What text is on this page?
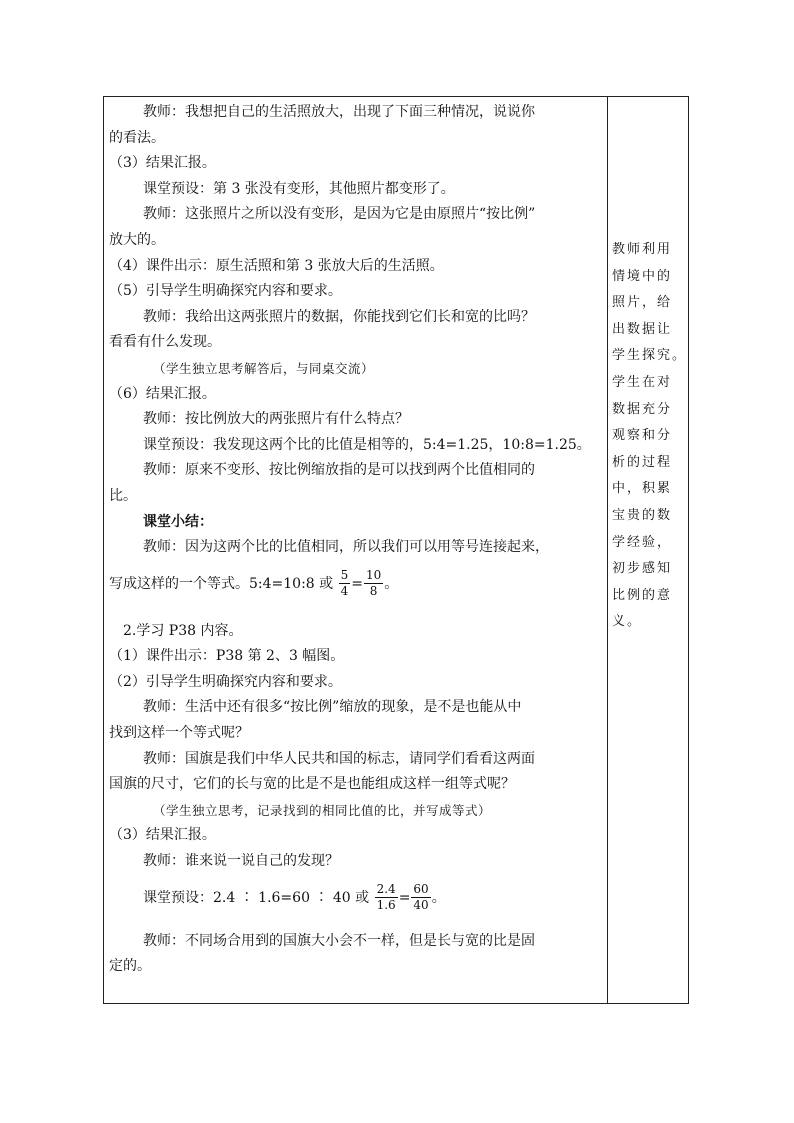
教师：我想把自己的生活照放大，出现了下面三种情况，说说你
的看法。
（3）结果汇报。
课堂预设：第 3 张没有变形，其他照片都变形了。
教师：这张照片之所以没有变形，是因为它是由原照片“按比例”
放大的。
（4）课件出示：原生活照和第 3 张放大后的生活照。
（5）引导学生明确探究内容和要求。
教师：我给出这两张照片的数据，你能找到它们长和宽的比吗？
看看有什么发现。
（学生独立思考解答后，与同桌交流）
（6）结果汇报。
教师：按比例放大的两张照片有什么特点？
课堂预设：我发现这两个比的比值是相等的，5:4=1.25，10:8=1.25。
教师：原来不变形、按比例缩放指的是可以找到两个比值相同的
比。
课堂小结：
教师：因为这两个比的比值相同，所以我们可以用等号连接起来，
写成这样的一个等式。5:4=10:8 或 $\frac{5}{4} = \frac{10}{8}$ 。
2.学习 P38 内容。
（1）课件出示：P38 第 2、3 幅图。
（2）引导学生明确探究内容和要求。
教师：生活中还有很多“按比例”缩放的现象，是不是也能从中
找到这样一个等式呢？
教师：国旗是我们中华人民共和国的标志，请同学们看看这两面
国旗的尺寸，它们的长与宽的比是不是也能组成这样一组等式呢？
（学生独立思考，记录找到的相同比值的比，并写成等式）
（3）结果汇报。
教师：谁来说一说自己的发现？
课堂预设：2.4 ∶ 1.6=60 ∶ 40 或 $\frac{2.4}{1.6} = \frac{60}{40}$ 。
教师：不同场合用到的国旗大小会不一样，但是长与宽的比是固
定的。
教师利用
情境中的
照片，给
出数据让
学生探究。
学生在对
数据充分
观察和分
析的过程
中，积累
宝贵的数
学经验，
初步感知
比例的意
义。
